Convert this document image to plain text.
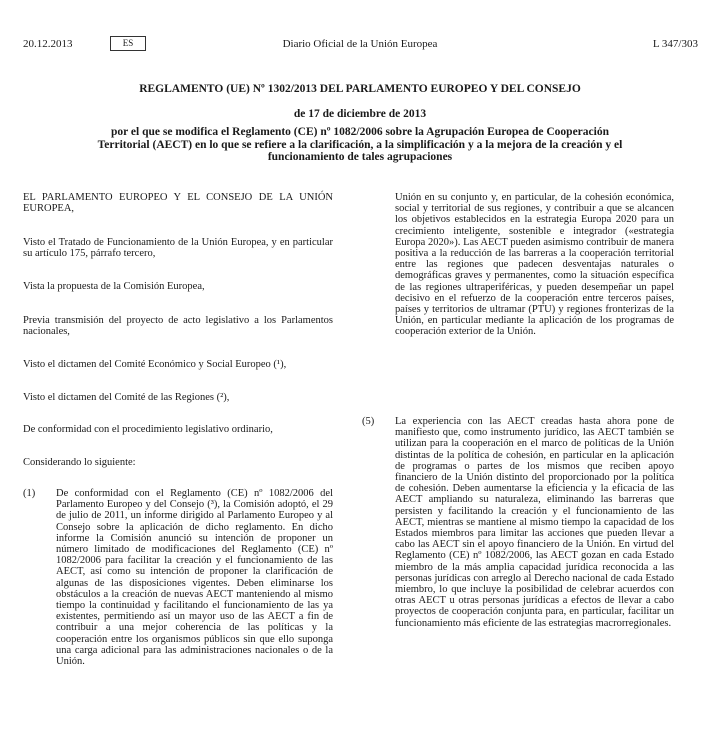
20.12.2013	ES	Diario Oficial de la Unión Europea	L 347/303
REGLAMENTO (UE) Nº 1302/2013 DEL PARLAMENTO EUROPEO Y DEL CONSEJO
de 17 de diciembre de 2013
por el que se modifica el Reglamento (CE) nº 1082/2006 sobre la Agrupación Europea de Cooperación Territorial (AECT) en lo que se refiere a la clarificación, a la simplificación y a la mejora de la creación y el funcionamiento de tales agrupaciones
EL PARLAMENTO EUROPEO Y EL CONSEJO DE LA UNIÓN EUROPEA,
Visto el Tratado de Funcionamiento de la Unión Europea, y en particular su artículo 175, párrafo tercero,
Vista la propuesta de la Comisión Europea,
Previa transmisión del proyecto de acto legislativo a los Parlamentos nacionales,
Visto el dictamen del Comité Económico y Social Europeo (¹),
Visto el dictamen del Comité de las Regiones (²),
De conformidad con el procedimiento legislativo ordinario,
Considerando lo siguiente:
(1) De conformidad con el Reglamento (CE) nº 1082/2006 del Parlamento Europeo y del Consejo (³), la Comisión adoptó, el 29 de julio de 2011, un informe dirigido al Parlamento Europeo y al Consejo sobre la aplicación de dicho reglamento. En dicho informe la Comisión anunció su intención de proponer un número limitado de modificaciones del Reglamento (CE) nº 1082/2006 para facilitar la creación y el funcionamiento de las AECT, así como su intención de proponer la clarificación de algunas de las disposiciones vigentes. Deben eliminarse los obstáculos a la creación de nuevas AECT manteniendo al mismo tiempo la continuidad y facilitando el funcionamiento de las ya existentes, permitiendo así un mayor uso de las AECT a fin de contribuir a una mejor coherencia de las políticas y la cooperación entre los organismos públicos sin que ello suponga una carga adicional para las administraciones nacionales o de la Unión.
Unión en su conjunto y, en particular, de la cohesión económica, social y territorial de sus regiones, y contribuir a que se alcancen los objetivos establecidos en la estrategia Europa 2020 para un crecimiento inteligente, sostenible e integrador («estrategia Europa 2020»). Las AECT pueden asimismo contribuir de manera positiva a la reducción de las barreras a la cooperación territorial entre las regiones que padecen desventajas naturales o demográficas graves y permanentes, como la situación específica de las regiones ultraperiféricas, y pueden desempeñar un papel decisivo en el refuerzo de la cooperación entre terceros países, países y territorios de ultramar (PTU) y regiones fronterizas de la Unión, en particular mediante la aplicación de los programas de cooperación exterior de la Unión.
(5) La experiencia con las AECT creadas hasta ahora pone de manifiesto que, como instrumento jurídico, las AECT también se utilizan para la cooperación en el marco de políticas de la Unión distintas de la política de cohesión, en particular en la aplicación de programas o partes de los mismos que reciben apoyo financiero de la Unión distinto del proporcionado por la política de cohesión. Deben aumentarse la eficiencia y la eficacia de las AECT ampliando su naturaleza, eliminando las barreras que persisten y facilitando la creación y el funcionamiento de las AECT, mientras se mantiene al mismo tiempo la capacidad de los Estados miembros para limitar las acciones que pueden llevar a cabo las AECT sin el apoyo financiero de la Unión. En virtud del Reglamento (CE) nº 1082/2006, las AECT gozan en cada Estado miembro de la más amplia capacidad jurídica reconocida a las personas jurídicas con arreglo al Derecho nacional de cada Estado miembro, lo que incluye la posibilidad de celebrar acuerdos con otras AECT u otras personas jurídicas a efectos de llevar a cabo proyectos de cooperación conjunta para, en particular, facilitar un funcionamiento más eficiente de las estrategias macrorregionales.
